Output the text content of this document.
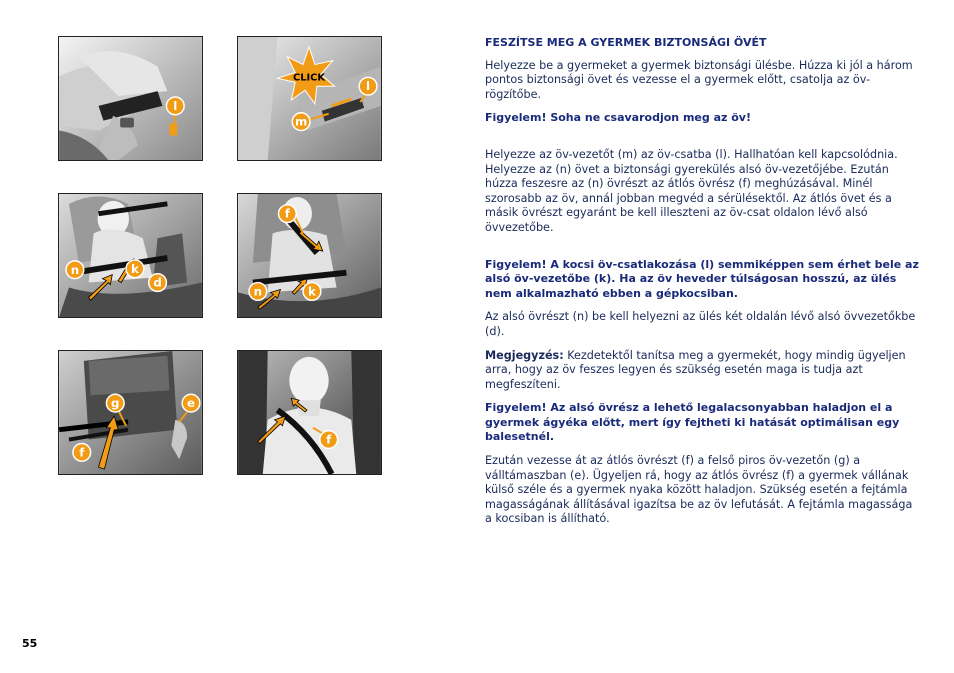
l
CLICK
l
m
n	k
d
f
n	k
g	e
f
f

FESZÍTSE MEG A GYERMEK BIZTONSÁGI ÖVÉT

Helyezze be a gyermeket a gyermek biztonsági ülésbe. Húzza ki jól a három pontos biztonsági övet és vezesse el a gyermek előtt, csatolja az öv-rögzítőbe.

Figyelem! Soha ne csavarodjon meg az öv!

Helyezze az öv-vezetőt (m) az öv-csatba (l). Hallhatóan kell kapcsolódnia. Helyezze az (n) övet a biztonsági gyerekülés alsó öv-vezetőjébe. Ezután húzza feszesre az (n) övrészt az átlós övrész (f) meghúzásával. Minél szorosabb az öv, annál jobban megvéd a sérülésektől. Az átlós övet és a másik övrészt egyaránt be kell illeszteni az öv-csat oldalon lévő alsó övvezetőbe.

Figyelem! A kocsi öv-csatlakozása (l) semmiképpen sem érhet bele az alsó öv-vezetőbe (k). Ha az öv heveder túlságosan hosszú, az ülés nem alkalmazható ebben a gépkocsiban.

Az alsó övrészt (n) be kell helyezni az ülés két oldalán lévő alsó övvezetőkbe (d).

Megjegyzés: Kezdetektől tanítsa meg a gyermekét, hogy mindig ügyeljen arra, hogy az öv feszes legyen és szükség esetén maga is tudja azt megfeszíteni.

Figyelem! Az alsó övrész a lehető legalacsonyabban haladjon el a gyermek ágyéka előtt, mert így fejtheti ki hatását optimálisan egy balesetnél.

Ezután vezesse át az átlós övrészt (f) a felső piros öv-vezetőn (g) a válltámaszban (e). Ügyeljen rá, hogy az átlós övrész (f) a gyermek vállának külső széle és a gyermek nyaka között haladjon. Szükség esetén a fejtámla magasságának állításával igazítsa be az öv lefutását. A fejtámla magassága a kocsiban is állítható.

55
